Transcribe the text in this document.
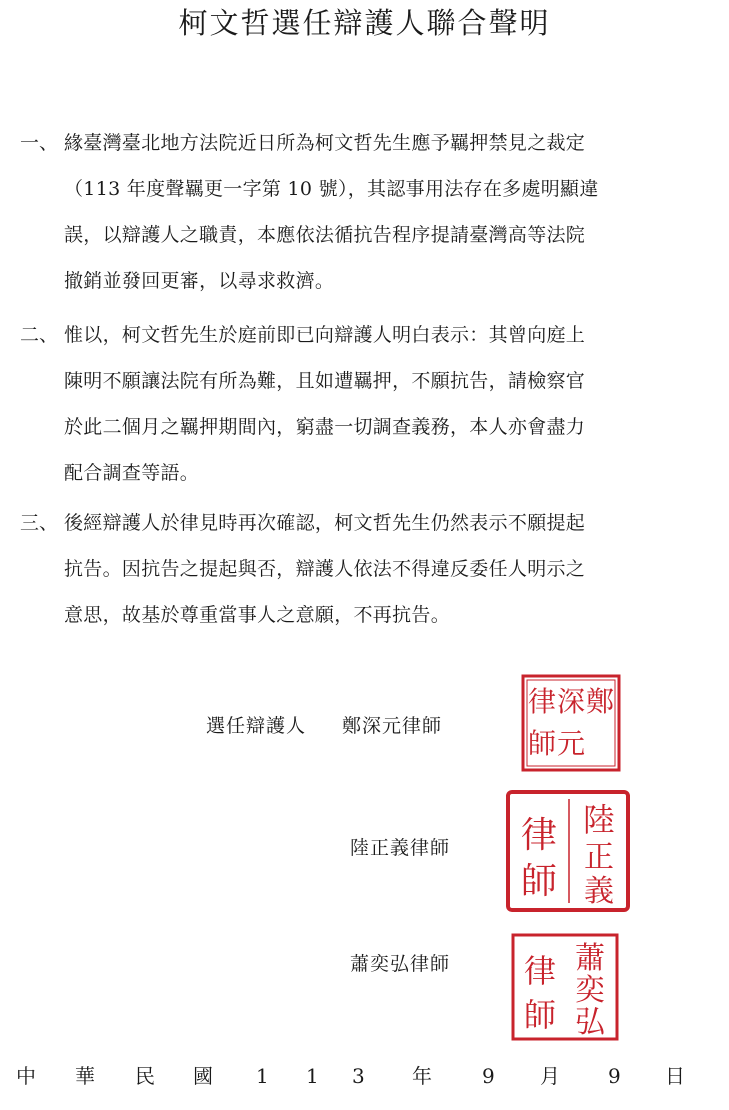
柯文哲選任辯護人聯合聲明
一、 緣臺灣臺北地方法院近日所為柯文哲先生應予羈押禁見之裁定
（113 年度聲羈更一字第 10 號），其認事用法存在多處明顯違
誤，以辯護人之職責，本應依法循抗告程序提請臺灣高等法院
撤銷並發回更審，以尋求救濟。
二、 惟以，柯文哲先生於庭前即已向辯護人明白表示：其曾向庭上
陳明不願讓法院有所為難，且如遭羈押，不願抗告，請檢察官
於此二個月之羈押期間內，窮盡一切調查義務，本人亦會盡力
配合調查等語。
三、 後經辯護人於律見時再次確認，柯文哲先生仍然表示不願提起
抗告。因抗告之提起與否，辯護人依法不得違反委任人明示之
意思，故基於尊重當事人之意願，不再抗告。
選任辯護人 鄭深元律師
陸正義律師
蕭奕弘律師
鄭
深
元
律
師
陸
正
義
律
師
蕭
奕
弘
律
師
中 華 民 國 1 1 3 年	9 月 9 日
